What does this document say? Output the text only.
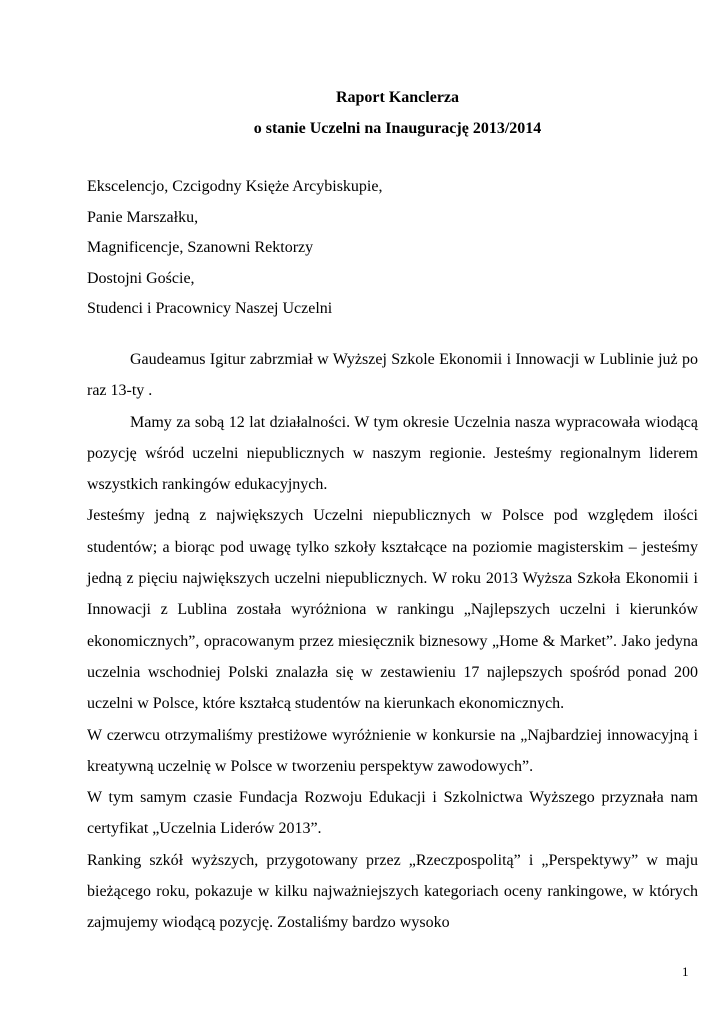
Raport Kanclerza
o stanie Uczelni na Inaugurację 2013/2014
Ekscelencjo, Czcigodny Księże Arcybiskupie,
Panie Marszałku,
Magnificencje, Szanowni Rektorzy
Dostojni Goście,
Studenci i Pracownicy Naszej Uczelni

Gaudeamus Igitur zabrzmiał w Wyższej Szkole Ekonomii i Innowacji w Lublinie już po raz 13-ty .

Mamy za sobą 12 lat działalności. W tym okresie Uczelnia nasza wypracowała wiodącą pozycję wśród uczelni niepublicznych w naszym regionie. Jesteśmy regionalnym liderem wszystkich rankingów edukacyjnych.

Jesteśmy jedną z największych Uczelni niepublicznych w Polsce pod względem ilości studentów; a biorąc pod uwagę tylko szkoły kształcące na poziomie magisterskim – jesteśmy jedną z pięciu największych uczelni niepublicznych. W roku 2013 Wyższa Szkoła Ekonomii i Innowacji z Lublina została wyróżniona w rankingu „Najlepszych uczelni i kierunków ekonomicznych”, opracowanym przez miesięcznik biznesowy „Home & Market”. Jako jedyna uczelnia wschodniej Polski znalazła się w zestawieniu 17 najlepszych spośród ponad 200 uczelni w Polsce, które kształcą studentów na kierunkach ekonomicznych.

W czerwcu otrzymaliśmy prestiżowe wyróżnienie w konkursie na „Najbardziej innowacyjną i kreatywną uczelnię w Polsce w tworzeniu perspektyw zawodowych”.

W tym samym czasie Fundacja Rozwoju Edukacji i Szkolnictwa Wyższego przyznała nam certyfikat „Uczelnia Liderów 2013”.

Ranking szkół wyższych, przygotowany przez „Rzeczpospolitą” i „Perspektywy” w maju bieżącego roku, pokazuje w kilku najważniejszych kategoriach oceny rankingowe, w których zajmujemy wiodącą pozycję. Zostaliśmy bardzo wysoko

1
